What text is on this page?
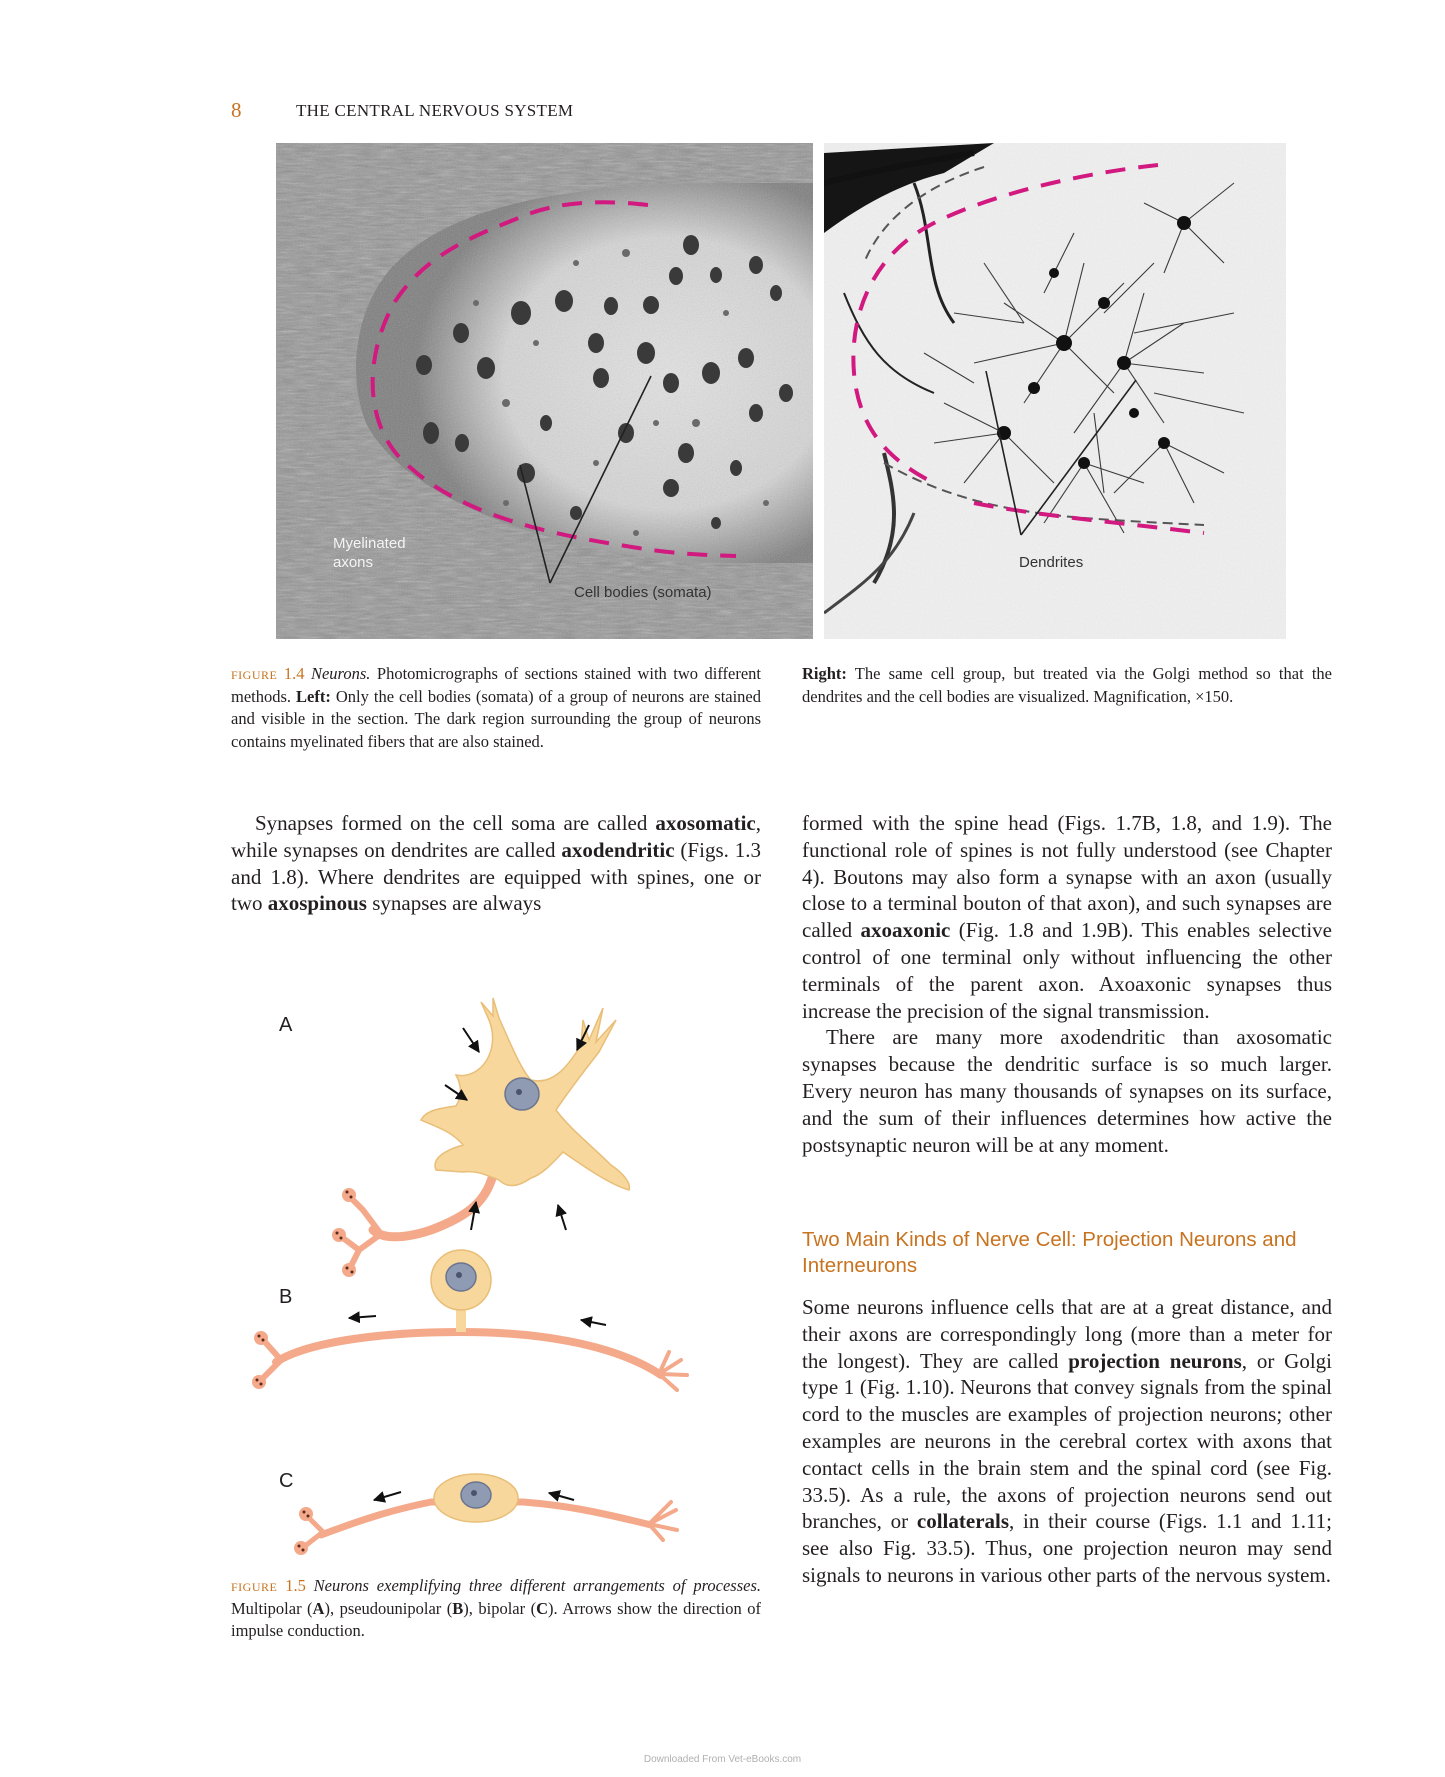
8	THE CENTRAL NERVOUS SYSTEM
Myelinated
axons
Cell bodies (somata)
Dendrites
figure 1.4 Neurons. Photomicrographs of sections stained with two different methods. Left: Only the cell bodies (somata) of a group of neurons are stained and visible in the section. The dark region surrounding the group of neurons contains myelinated fibers that are also stained.
Right: The same cell group, but treated via the Golgi method so that the dendrites and the cell bodies are visualized. Magnification, ×150.

Synapses formed on the cell soma are called axosomatic, while synapses on dendrites are called axodendritic (Figs. 1.3 and 1.8). Where dendrites are equipped with spines, one or two axospinous synapses are always

formed with the spine head (Figs. 1.7B, 1.8, and 1.9). The functional role of spines is not fully understood (see Chapter 4). Boutons may also form a synapse with an axon (usually close to a terminal bouton of that axon), and such synapses are called axoaxonic (Fig. 1.8 and 1.9B). This enables selective control of one terminal only without influencing the other terminals of the parent axon. Axoaxonic synapses thus increase the precision of the signal transmission.

There are many more axodendritic than axosomatic synapses because the dendritic surface is so much larger. Every neuron has many thousands of synapses on its surface, and the sum of their influences determines how active the postsynaptic neuron will be at any moment.

Two Main Kinds of Nerve Cell: Projection Neurons and Interneurons

Some neurons influence cells that are at a great distance, and their axons are correspondingly long (more than a meter for the longest). They are called projection neurons, or Golgi type 1 (Fig. 1.10). Neurons that convey signals from the spinal cord to the muscles are examples of projection neurons; other examples are neurons in the cerebral cortex with axons that contact cells in the brain stem and the spinal cord (see Fig. 33.5). As a rule, the axons of projection neurons send out branches, or collaterals, in their course (Figs. 1.1 and 1.11; see also Fig. 33.5). Thus, one projection neuron may send signals to neurons in various other parts of the nervous system.

A
B
C
figure 1.5 Neurons exemplifying three different arrangements of processes. Multipolar (A), pseudounipolar (B), bipolar (C). Arrows show the direction of impulse conduction.
Downloaded From Vet-eBooks.com
